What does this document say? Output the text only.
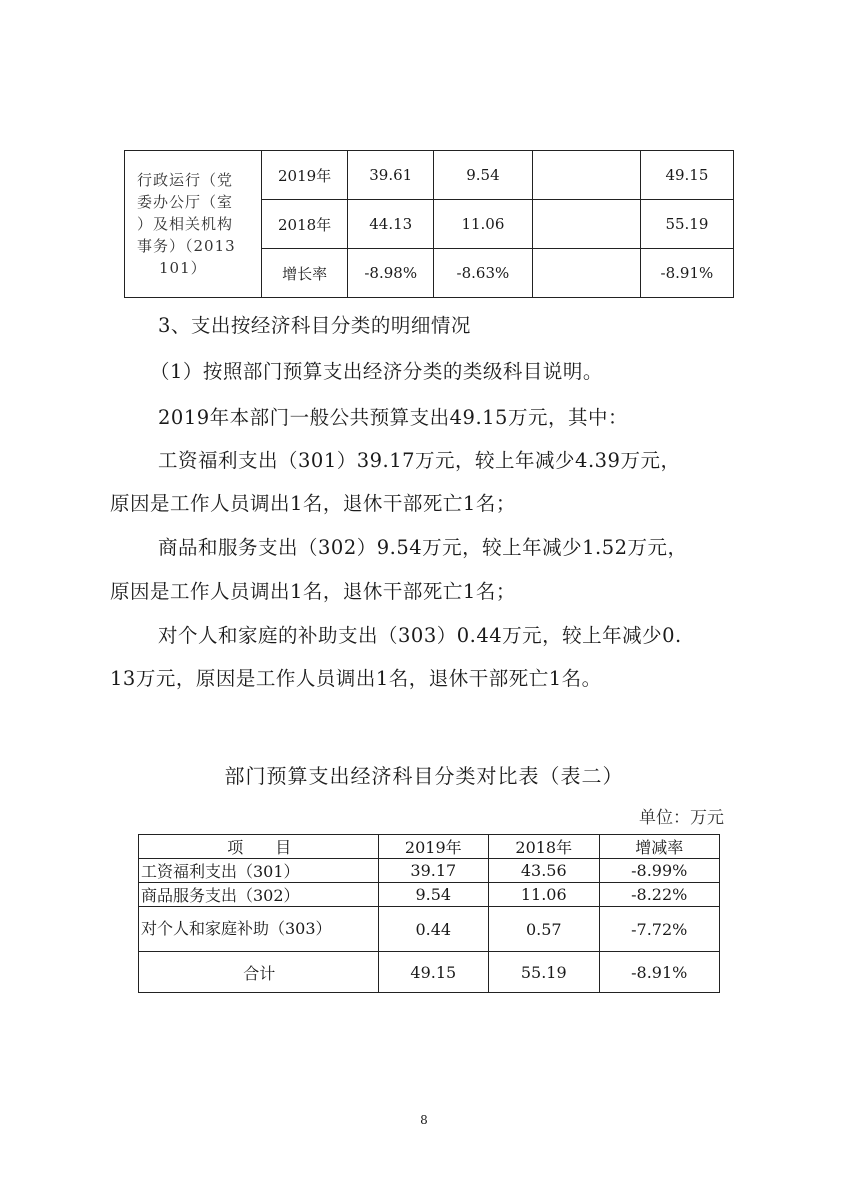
行政运行（党
委办公厅（室
）及相关机构
事务）（2013
101）	2019年	39.61	9.54		49.15
	2018年	44.13	11.06		55.19
	增长率	-8.98%	-8.63%		-8.91%

3、支出按经济科目分类的明细情况

（1）按照部门预算支出经济分类的类级科目说明。

2019年本部门一般公共预算支出49.15万元，其中：

工资福利支出（301）39.17万元，较上年减少4.39万元，

原因是工作人员调出1名，退休干部死亡1名；

商品和服务支出（302）9.54万元，较上年减少1.52万元，

原因是工作人员调出1名，退休干部死亡1名；

对个人和家庭的补助支出（303）0.44万元，较上年减少0.

13万元，原因是工作人员调出1名，退休干部死亡1名。

部门预算支出经济科目分类对比表（表二）

单位：万元

项　　目	2019年	2018年	增减率
工资福利支出（301）	39.17	43.56	-8.99%
商品服务支出（302）	9.54	11.06	-8.22%
对个人和家庭补助（303）	0.44	0.57	-7.72%
合计	49.15	55.19	-8.91%

8
